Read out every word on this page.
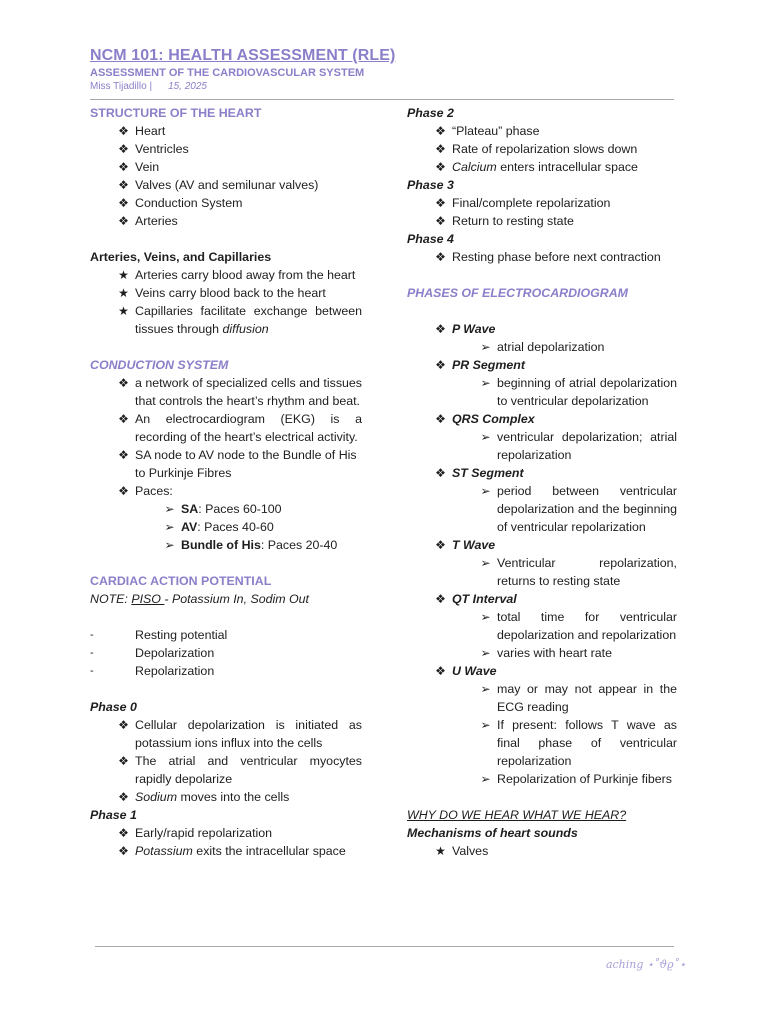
NCM 101: HEALTH ASSESSMENT (RLE)
ASSESSMENT OF THE CARDIOVASCULAR SYSTEM
Miss Tijadillo | 15, 2025
STRUCTURE OF THE HEART
❖ Heart
❖ Ventricles
❖ Vein
❖ Valves (AV and semilunar valves)
❖ Conduction System
❖ Arteries
Arteries, Veins, and Capillaries
★ Arteries carry blood away from the heart
★ Veins carry blood back to the heart
★ Capillaries facilitate exchange between tissues through diffusion
CONDUCTION SYSTEM
❖ a network of specialized cells and tissues that controls the heart’s rhythm and beat.
❖ An electrocardiogram (EKG) is a recording of the heart’s electrical activity.
❖ SA node to AV node to the Bundle of His to Purkinje Fibres
❖ Paces:
➢ SA: Paces 60-100
➢ AV: Paces 40-60
➢ Bundle of His: Paces 20-40
CARDIAC ACTION POTENTIAL
NOTE: PISO - Potassium In, Sodim Out
-	Resting potential
-	Depolarization
-	Repolarization
Phase 0
❖ Cellular depolarization is initiated as potassium ions influx into the cells
❖ The atrial and ventricular myocytes rapidly depolarize
❖ Sodium moves into the cells
Phase 1
❖ Early/rapid repolarization
❖ Potassium exits the intracellular space
Phase 2
❖ “Plateau” phase
❖ Rate of repolarization slows down
❖ Calcium enters intracellular space
Phase 3
❖ Final/complete repolarization
❖ Return to resting state
Phase 4
❖ Resting phase before next contraction
PHASES OF ELECTROCARDIOGRAM
❖ P Wave
➢ atrial depolarization
❖ PR Segment
➢ beginning of atrial depolarization to ventricular depolarization
❖ QRS Complex
➢ ventricular depolarization; atrial repolarization
❖ ST Segment
➢ period between ventricular depolarization and the beginning of ventricular repolarization
❖ T Wave
➢ Ventricular repolarization, returns to resting state
❖ QT Interval
➢ total time for ventricular depolarization and repolarization
➢ varies with heart rate
❖ U Wave
➢ may or may not appear in the ECG reading
➢ If present: follows T wave as final phase of ventricular repolarization
➢ Repolarization of Purkinje fibers
WHY DO WE HEAR WHAT WE HEAR?
Mechanisms of heart sounds
★ Valves
aching ⋆˚ϑϱ˚⋆
